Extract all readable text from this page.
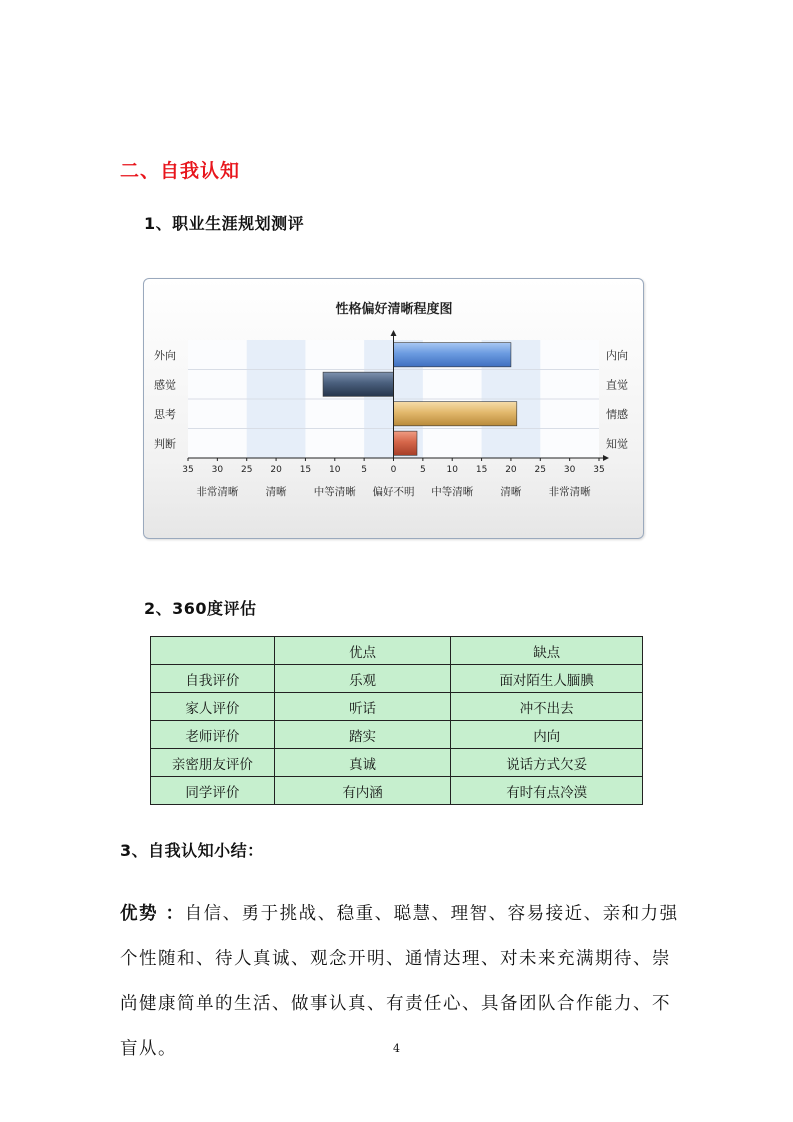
二、自我认知
1、职业生涯规划测评
性格偏好清晰程度图
35 30 25 20 15 10 5	0	5 10 15 20 25 30 35
外向	内向
感觉	直觉
思考	情感
判断	知觉
非常清晰	清晰	中等清晰 偏好不明 中等清晰	清晰	非常清晰
2、360度评估
	优点	缺点
自我评价	乐观	面对陌生人腼腆
家人评价	听话	冲不出去
老师评价	踏实	内向
亲密朋友评价	真诚	说话方式欠妥
同学评价	有内涵	有时有点冷漠
3、自我认知小结：
优势 ：自信、勇于挑战、稳重、聪慧、理智、容易接近、亲和力强个性随和、待人真诚、观念开明、通情达理、对未来充满期待、崇尚健康简单的生活、做事认真、有责任心、具备团队合作能力、不盲从。	4
